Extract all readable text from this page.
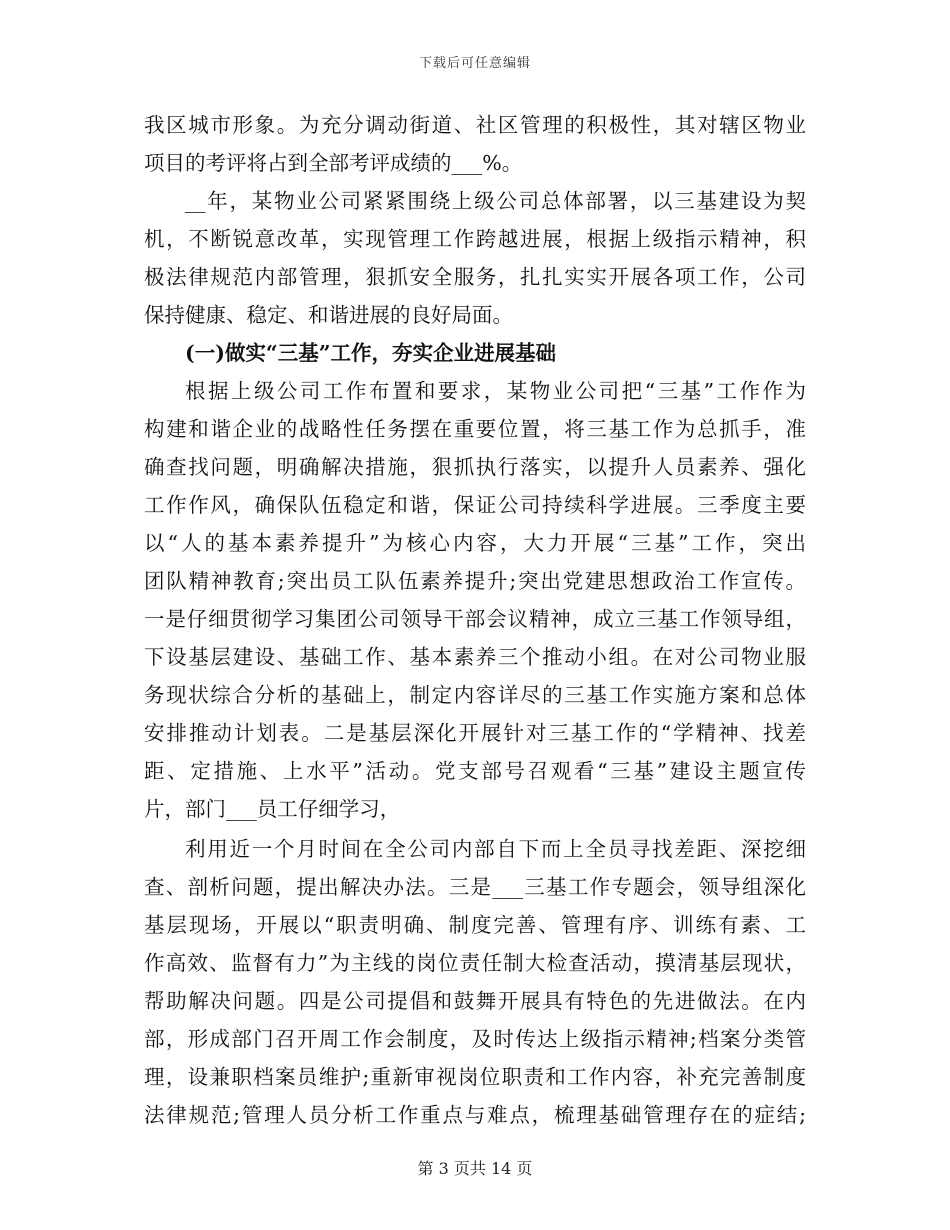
下载后可任意编辑
我区城市形象。为充分调动街道、社区管理的积极性，其对辖区物业
项目的考评将占到全部考评成绩的___%。
__年，某物业公司紧紧围绕上级公司总体部署，以三基建设为契
机，不断锐意改革，实现管理工作跨越进展，根据上级指示精神，积
极法律规范内部管理，狠抓安全服务，扎扎实实开展各项工作，公司
保持健康、稳定、和谐进展的良好局面。
(一)做实“三基”工作，夯实企业进展基础
根据上级公司工作布置和要求，某物业公司把“三基”工作作为
构建和谐企业的战略性任务摆在重要位置，将三基工作为总抓手，准
确查找问题，明确解决措施，狠抓执行落实，以提升人员素养、强化
工作作风，确保队伍稳定和谐，保证公司持续科学进展。三季度主要
以“人的基本素养提升”为核心内容，大力开展“三基”工作，突出
团队精神教育;突出员工队伍素养提升;突出党建思想政治工作宣传。
一是仔细贯彻学习集团公司领导干部会议精神，成立三基工作领导组，
下设基层建设、基础工作、基本素养三个推动小组。在对公司物业服
务现状综合分析的基础上，制定内容详尽的三基工作实施方案和总体
安排推动计划表。二是基层深化开展针对三基工作的“学精神、找差
距、定措施、上水平”活动。党支部号召观看“三基”建设主题宣传
片，部门___员工仔细学习，
利用近一个月时间在全公司内部自下而上全员寻找差距、深挖细
查、剖析问题，提出解决办法。三是___三基工作专题会，领导组深化
基层现场，开展以“职责明确、制度完善、管理有序、训练有素、工
作高效、监督有力”为主线的岗位责任制大检查活动，摸清基层现状，
帮助解决问题。四是公司提倡和鼓舞开展具有特色的先进做法。在内
部，形成部门召开周工作会制度，及时传达上级指示精神;档案分类管
理，设兼职档案员维护;重新审视岗位职责和工作内容，补充完善制度
法律规范;管理人员分析工作重点与难点，梳理基础管理存在的症结;
第 3 页共 14 页
